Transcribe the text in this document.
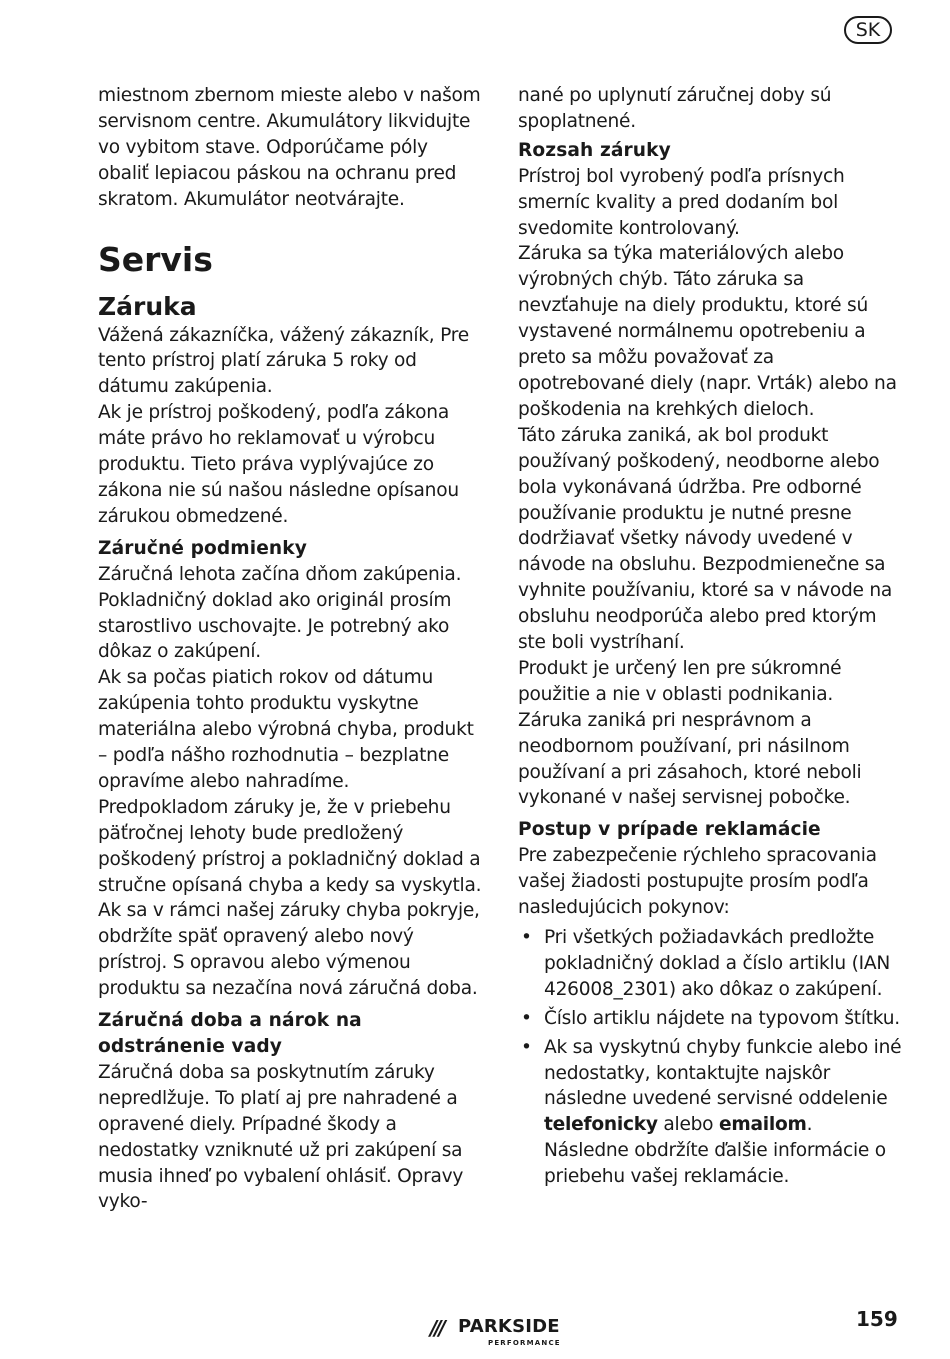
SK

miestnom zbernom mieste alebo v našom servisnom centre. Akumulátory likvidujte vo vybitom stave. Odporúčame póly obaliť lepiacou páskou na ochranu pred skratom. Akumulátor neotvárajte.

Servis
Záruka

Vážená zákazníčka, vážený zákazník, Pre tento prístroj platí záruka 5 roky od dátumu zakúpenia.

Ak je prístroj poškodený, podľa zákona máte právo ho reklamovať u výrobcu produktu. Tieto práva vyplývajúce zo zákona nie sú našou následne opísanou zárukou obmedzené.

Záručné podmienky

Záručná lehota začína dňom zakúpenia. Pokladničný doklad ako originál prosím starostlivo uschovajte. Je potrebný ako dôkaz o zakúpení.

Ak sa počas piatich rokov od dátumu zakúpenia tohto produktu vyskytne materiálna alebo výrobná chyba, produkt – podľa nášho rozhodnutia – bezplatne opravíme alebo nahradíme. Predpokladom záruky je, že v priebehu päťročnej lehoty bude predložený poškodený prístroj a pokladničný doklad a stručne opísaná chyba a kedy sa vyskytla.

Ak sa v rámci našej záruky chyba pokryje, obdržíte späť opravený alebo nový prístroj. S opravou alebo výmenou produktu sa nezačína nová záručná doba.

Záručná doba a nárok na odstránenie vady

Záručná doba sa poskytnutím záruky nepredlžuje. To platí aj pre nahradené a opravené diely. Prípadné škody a nedostatky vzniknuté už pri zakúpení sa musia ihneď po vybalení ohlásiť. Opravy vyko-

nané po uplynutí záručnej doby sú spoplatnené.

Rozsah záruky

Prístroj bol vyrobený podľa prísnych smerníc kvality a pred dodaním bol svedomite kontrolovaný.

Záruka sa týka materiálových alebo výrobných chýb. Táto záruka sa nevzťahuje na diely produktu, ktoré sú vystavené normálnemu opotrebeniu a preto sa môžu považovať za opotrebované diely (napr. Vrták) alebo na poškodenia na krehkých dieloch.

Táto záruka zaniká, ak bol produkt používaný poškodený, neodborne alebo bola vykonávaná údržba. Pre odborné používanie produktu je nutné presne dodržiavať všetky návody uvedené v návode na obsluhu. Bezpodmienečne sa vyhnite používaniu, ktoré sa v návode na obsluhu neodporúča alebo pred ktorým ste boli vystríhaní.

Produkt je určený len pre súkromné použitie a nie v oblasti podnikania. Záruka zaniká pri nesprávnom a neodbornom používaní, pri násilnom používaní a pri zásahoch, ktoré neboli vykonané v našej servisnej pobočke.

Postup v prípade reklamácie

Pre zabezpečenie rýchleho spracovania vašej žiadosti postupujte prosím podľa nasledujúcich pokynov:

• Pri všetkých požiadavkách predložte pokladničný doklad a číslo artiklu (IAN 426008_2301) ako dôkaz o zakúpení.
• Číslo artiklu nájdete na typovom štítku.
• Ak sa vyskytnú chyby funkcie alebo iné nedostatky, kontaktujte najskôr následne uvedené servisné oddelenie telefonicky alebo emailom. Následne obdržíte ďalšie informácie o priebehu vašej reklamácie.
/// PARKSIDE
PERFORMANCE
159
